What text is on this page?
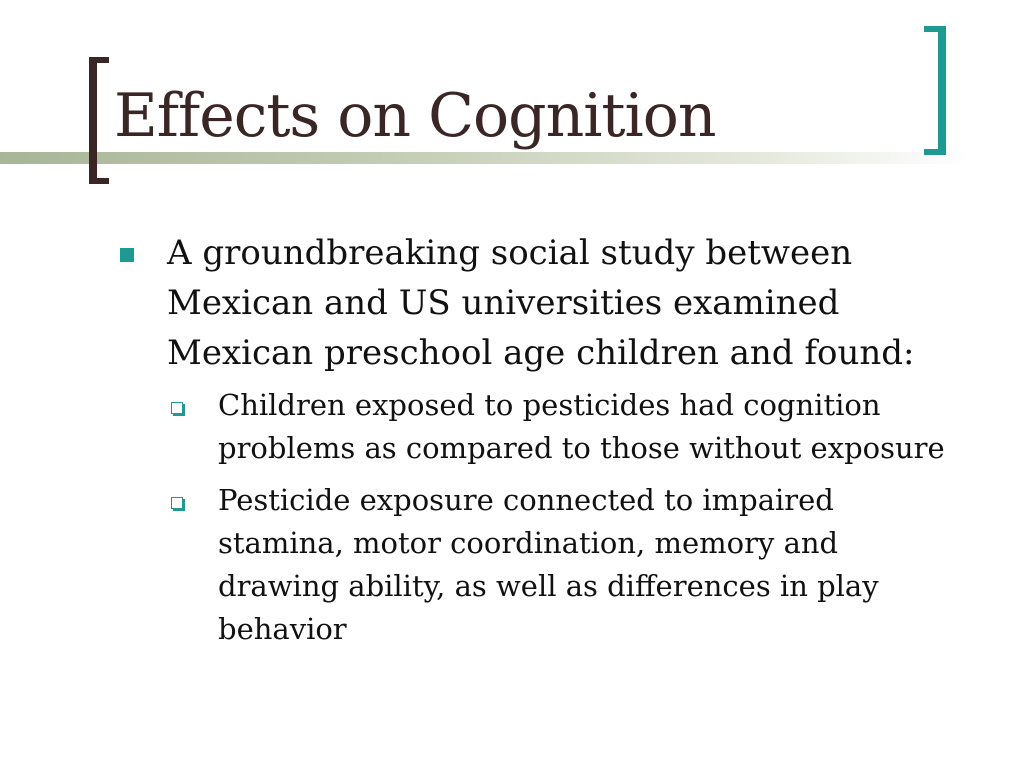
Effects on Cognition
A groundbreaking social study between Mexican and US universities examined Mexican preschool age children and found:
Children exposed to pesticides had cognition problems as compared to those without exposure
Pesticide exposure connected to impaired stamina, motor coordination, memory and drawing ability, as well as differences in play behavior
